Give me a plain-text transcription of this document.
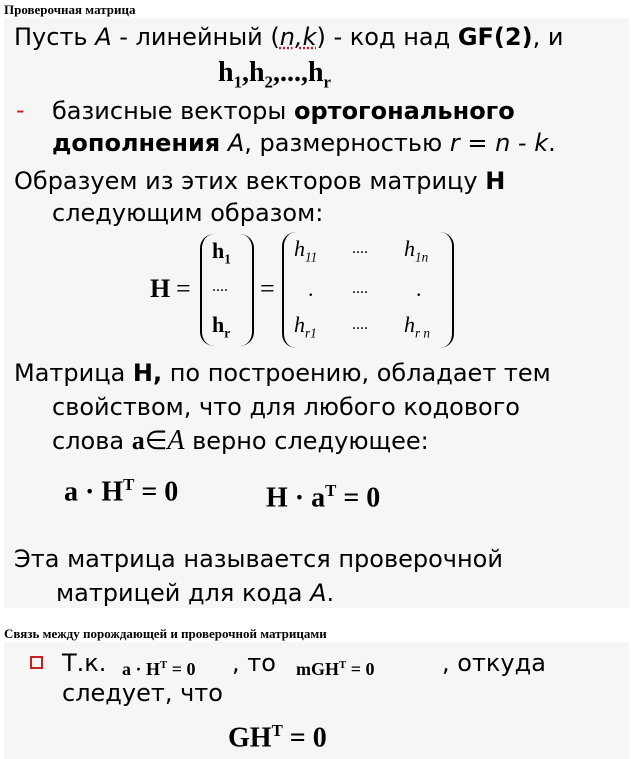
Проверочная матрица
Пусть A - линейный (n,k) - код над GF(2), и
$h_1,h_2,...,h_r$
- базисные векторы ортогонального
дополнения A, размерностью r = n - k.
Образуем из этих векторов матрицу H
следующим образом:
H =
$h_1$
....
$h_r$
=
$h_{11}$ .... $h_{1n}$
. .... .
$h_{r1}$ .... $h_{r n}$
Матрица H, по построению, обладает тем
свойством, что для любого кодового
слова a∈A верно следующее:
$a \cdot H^T = 0$	$H \cdot a^T = 0$
Эта матрица называется проверочной
матрицей для кода A.
Связь между порождающей и проверочной матрицами
Т.к. $a \cdot H^T = 0$ , то mGH$^T$ = 0	, откуда
следует, что
$GH^T = 0$
